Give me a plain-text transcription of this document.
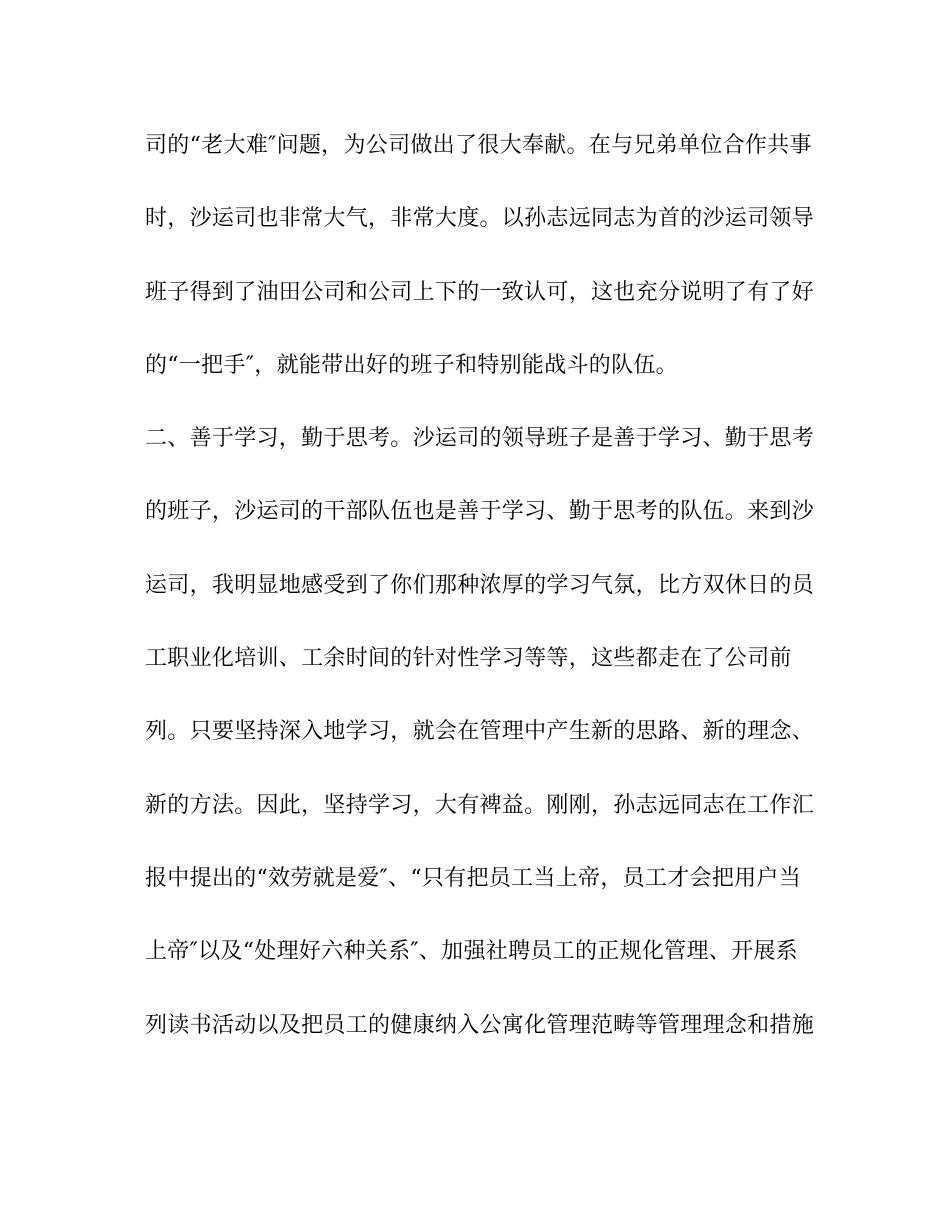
司的“老大难″问题，为公司做出了很大奉献。在与兄弟单位合作共事
时，沙运司也非常大气，非常大度。以孙志远同志为首的沙运司领导
班子得到了油田公司和公司上下的一致认可，这也充分说明了有了好
的“一把手″，就能带出好的班子和特别能战斗的队伍。
二、善于学习，勤于思考。沙运司的领导班子是善于学习、勤于思考
的班子，沙运司的干部队伍也是善于学习、勤于思考的队伍。来到沙
运司，我明显地感受到了你们那种浓厚的学习气氛，比方双休日的员
工职业化培训、工余时间的针对性学习等等，这些都走在了公司前
列。只要坚持深入地学习，就会在管理中产生新的思路、新的理念、
新的方法。因此，坚持学习，大有裨益。刚刚，孙志远同志在工作汇
报中提出的“效劳就是爱″、“只有把员工当上帝，员工才会把用户当
上帝″以及“处理好六种关系″、加强社聘员工的正规化管理、开展系
列读书活动以及把员工的健康纳入公寓化管理范畴等管理理念和措施
